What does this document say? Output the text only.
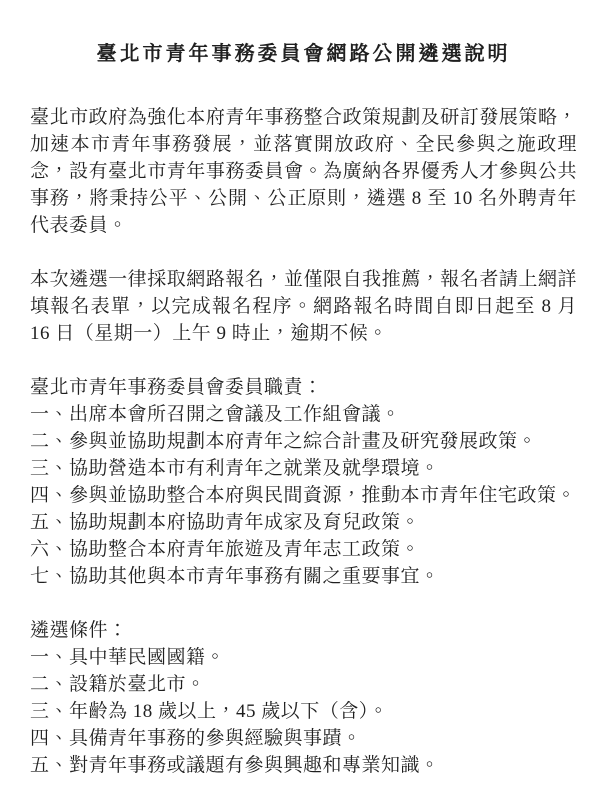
臺北市青年事務委員會網路公開遴選說明

臺北市政府為強化本府青年事務整合政策規劃及研訂發展策略，加速本市青年事務發展，並落實開放政府、全民參與之施政理念，設有臺北市青年事務委員會。為廣納各界優秀人才參與公共事務，將秉持公平、公開、公正原則，遴選 8 至 10 名外聘青年代表委員。

本次遴選一律採取網路報名，並僅限自我推薦，報名者請上網詳填報名表單，以完成報名程序。網路報名時間自即日起至 8 月 16 日（星期一）上午 9 時止，逾期不候。

臺北市青年事務委員會委員職責：

一、出席本會所召開之會議及工作組會議。

二、參與並協助規劃本府青年之綜合計畫及研究發展政策。

三、協助營造本市有利青年之就業及就學環境。

四、參與並協助整合本府與民間資源，推動本市青年住宅政策。

五、協助規劃本府協助青年成家及育兒政策。

六、協助整合本府青年旅遊及青年志工政策。

七、協助其他與本市青年事務有關之重要事宜。

遴選條件：

一、具中華民國國籍。

二、設籍於臺北市。

三、年齡為 18 歲以上，45 歲以下（含）。

四、具備青年事務的參與經驗與事蹟。

五、對青年事務或議題有參與興趣和專業知識。
